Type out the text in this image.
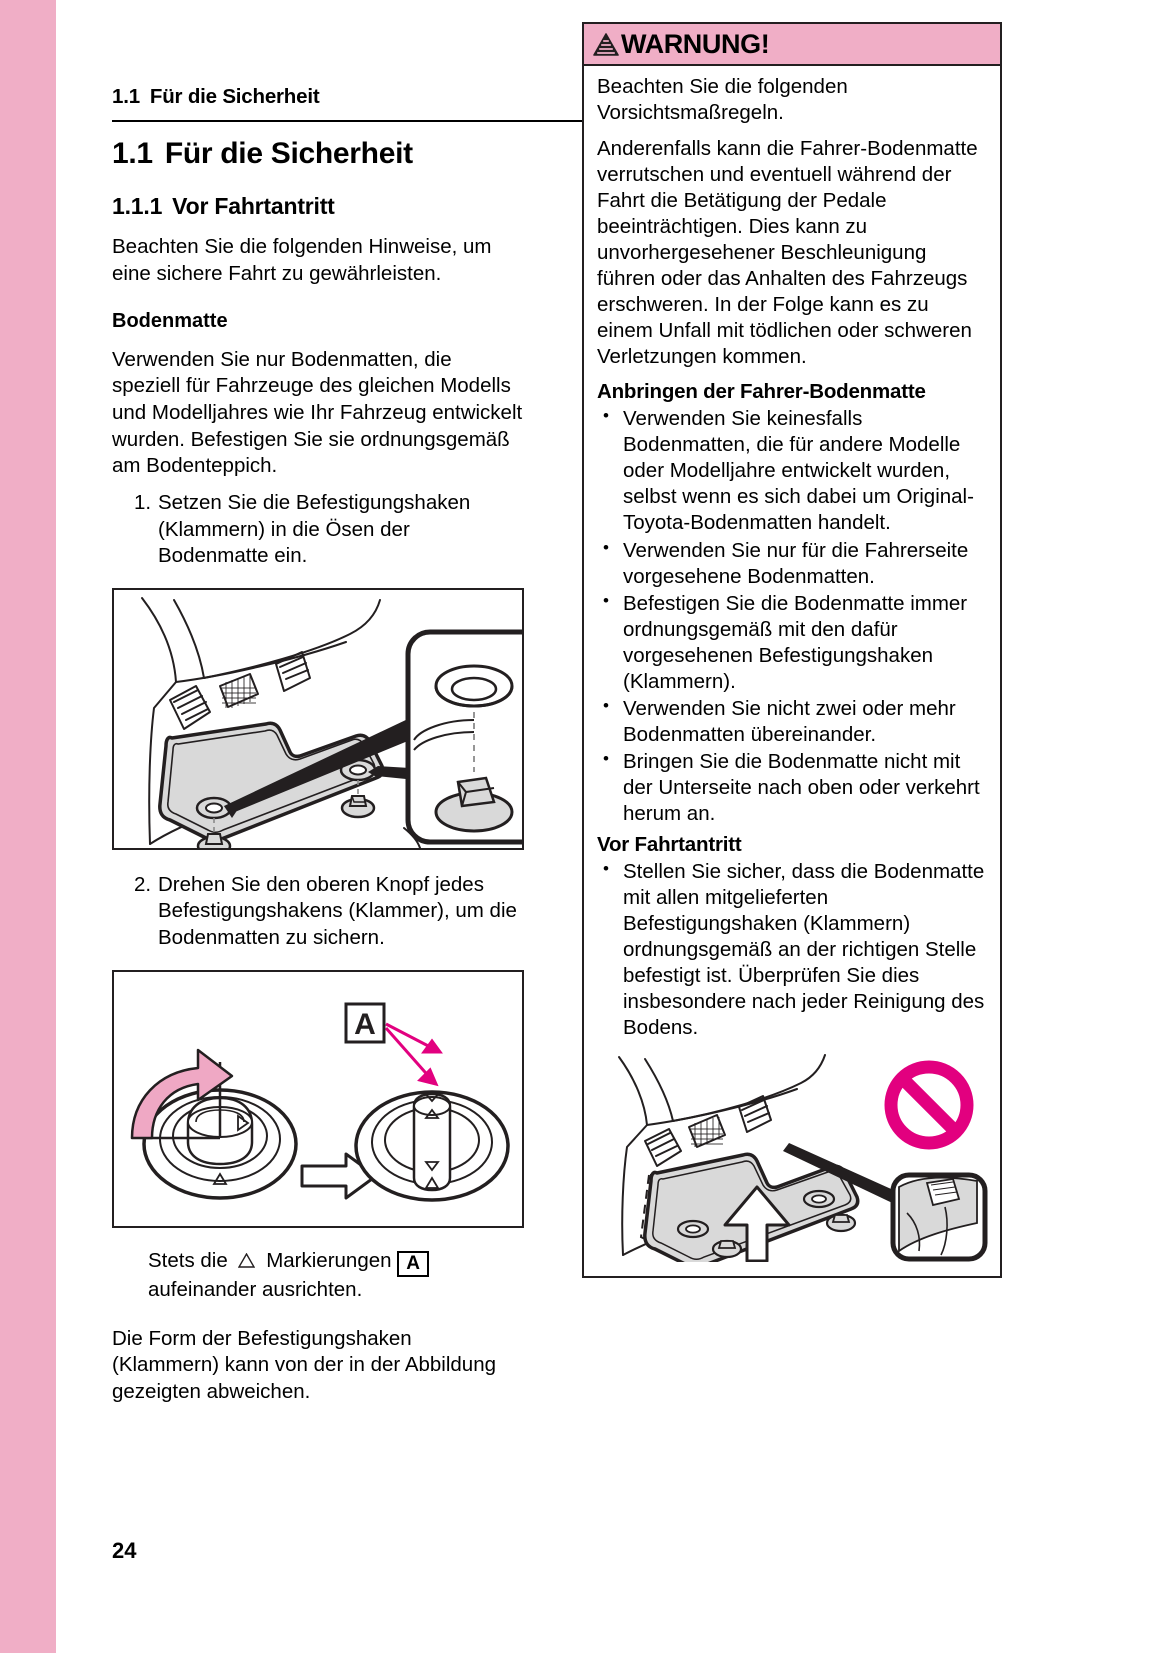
1.1 Für die Sicherheit
1.1 Für die Sicherheit
1.1.1 Vor Fahrtantritt

Beachten Sie die folgenden Hinweise, um eine sichere Fahrt zu gewährleisten.

Bodenmatte

Verwenden Sie nur Bodenmatten, die speziell für Fahrzeuge des gleichen Modells und Modelljahres wie Ihr Fahrzeug entwickelt wurden. Befestigen Sie sie ordnungsgemäß am Bodenteppich.

1. Setzen Sie die Befestigungshaken (Klammern) in die Ösen der Bodenmatte ein.
2. Drehen Sie den oberen Knopf jedes Befestigungshakens (Klammer), um die Bodenmatten zu sichern.
A
Stets die Markierungen A
aufeinander ausrichten.

Die Form der Befestigungshaken (Klammern) kann von der in der Abbildung gezeigten abweichen.

WARNUNG!

Beachten Sie die folgenden Vorsichtsmaßregeln.

Anderenfalls kann die Fahrer-Bodenmatte verrutschen und eventuell während der Fahrt die Betätigung der Pedale beeinträchtigen. Dies kann zu unvorhergesehener Beschleunigung führen oder das Anhalten des Fahrzeugs erschweren. In der Folge kann es zu einem Unfall mit tödlichen oder schweren Verletzungen kommen.

Anbringen der Fahrer-Bodenmatte
• Verwenden Sie keinesfalls Bodenmatten, die für andere Modelle oder Modelljahre entwickelt wurden, selbst wenn es sich dabei um Original-Toyota-Bodenmatten handelt.
• Verwenden Sie nur für die Fahrerseite vorgesehene Bodenmatten.
• Befestigen Sie die Bodenmatte immer ordnungsgemäß mit den dafür vorgesehenen Befestigungshaken (Klammern).
• Verwenden Sie nicht zwei oder mehr Bodenmatten übereinander.
• Bringen Sie die Bodenmatte nicht mit der Unterseite nach oben oder verkehrt herum an.
Vor Fahrtantritt
• Stellen Sie sicher, dass die Bodenmatte mit allen mitgelieferten Befestigungshaken (Klammern) ordnungsgemäß an der richtigen Stelle befestigt ist. Überprüfen Sie dies insbesondere nach jeder Reinigung des Bodens.
24
